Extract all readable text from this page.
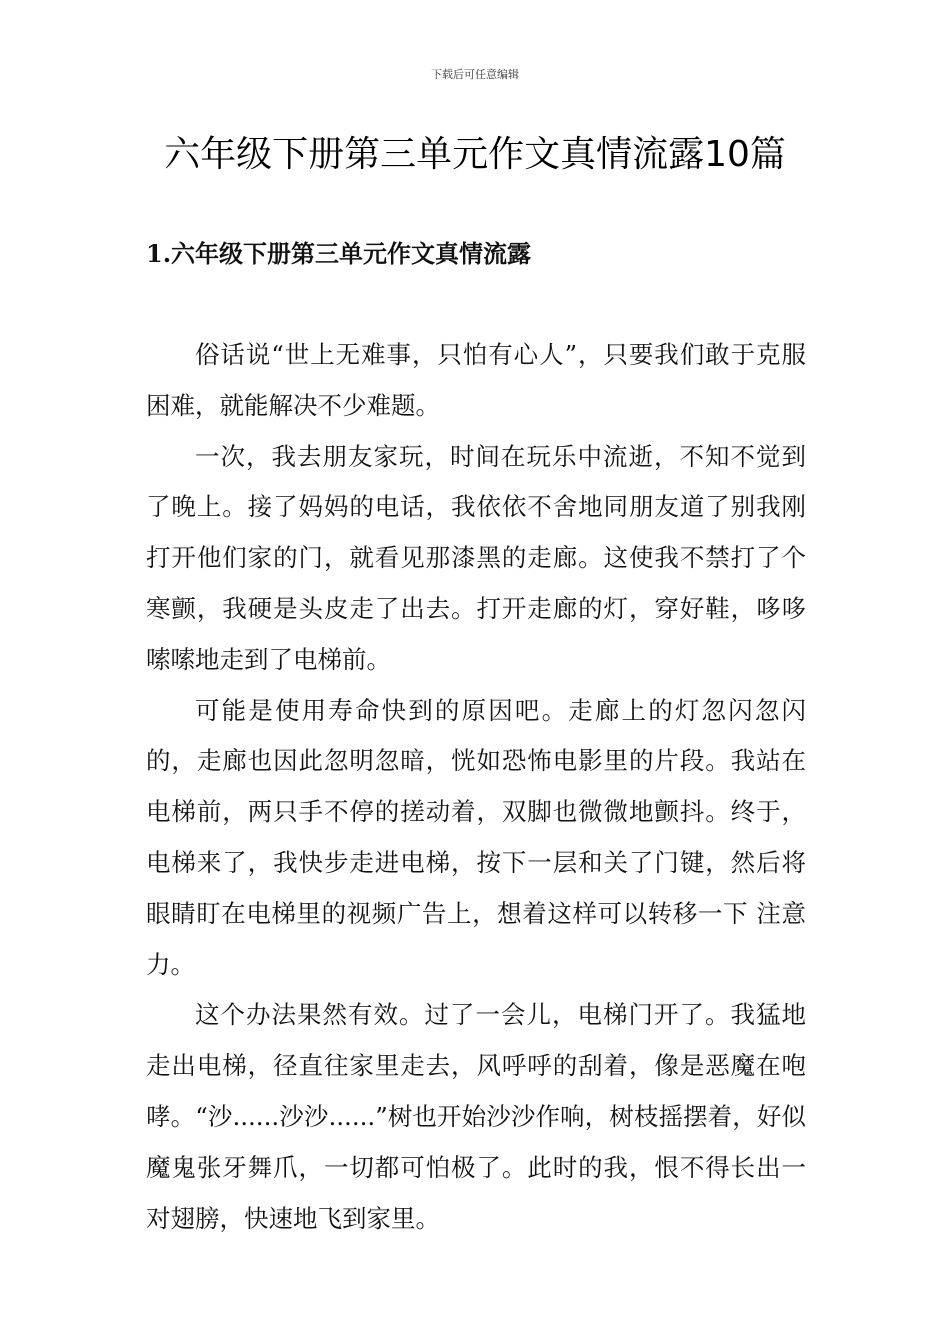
下载后可任意编辑
六年级下册第三单元作文真情流露10篇
1.六年级下册第三单元作文真情流露

俗话说“世上无难事，只怕有心人”，只要我们敢于克服困难，就能解决不少难题。

一次，我去朋友家玩，时间在玩乐中流逝，不知不觉到了晚上。接了妈妈的电话，我依依不舍地同朋友道了别我刚打开他们家的门，就看见那漆黑的走廊。这使我不禁打了个寒颤，我硬是头皮走了出去。打开走廊的灯，穿好鞋，哆哆嗦嗦地走到了电梯前。

可能是使用寿命快到的原因吧。走廊上的灯忽闪忽闪的，走廊也因此忽明忽暗，恍如恐怖电影里的片段。我站在电梯前，两只手不停的搓动着，双脚也微微地颤抖。终于，电梯来了，我快步走进电梯，按下一层和关了门键，然后将眼睛盯在电梯里的视频广告上，想着这样可以转移一下 注意力。

这个办法果然有效。过了一会儿，电梯门开了。我猛地走出电梯，径直往家里走去，风呼呼的刮着，像是恶魔在咆哮。“沙......沙沙......”树也开始沙沙作响，树枝摇摆着，好似魔鬼张牙舞爪，一切都可怕极了。此时的我，恨不得长出一对翅膀，快速地飞到家里。
